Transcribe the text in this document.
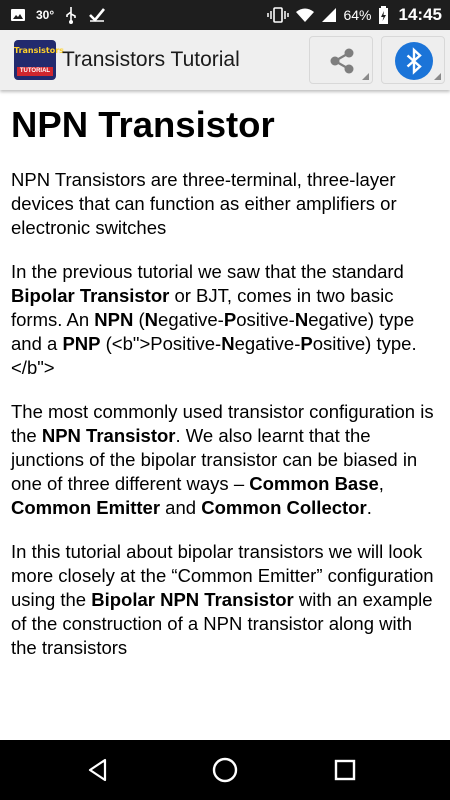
30°	64% 14:45
Transistors
TUTORIAL Transistors Tutorial
NPN Transistor

NPN Transistors are three-terminal, three-layer devices that can function as either amplifiers or electronic switches

In the previous tutorial we saw that the standard Bipolar Transistor or BJT, comes in two basic forms. An NPN (Negative-Positive-Negative) type and a PNP (<b">Positive-Negative-Positive) type.</b">

The most commonly used transistor configuration is the NPN Transistor. We also learnt that the junctions of the bipolar transistor can be biased in one of three different ways – Common Base, Common Emitter and Common Collector.

In this tutorial about bipolar transistors we will look more closely at the “Common Emitter” configuration using the Bipolar NPN Transistor with an example of the construction of a NPN transistor along with the transistors
